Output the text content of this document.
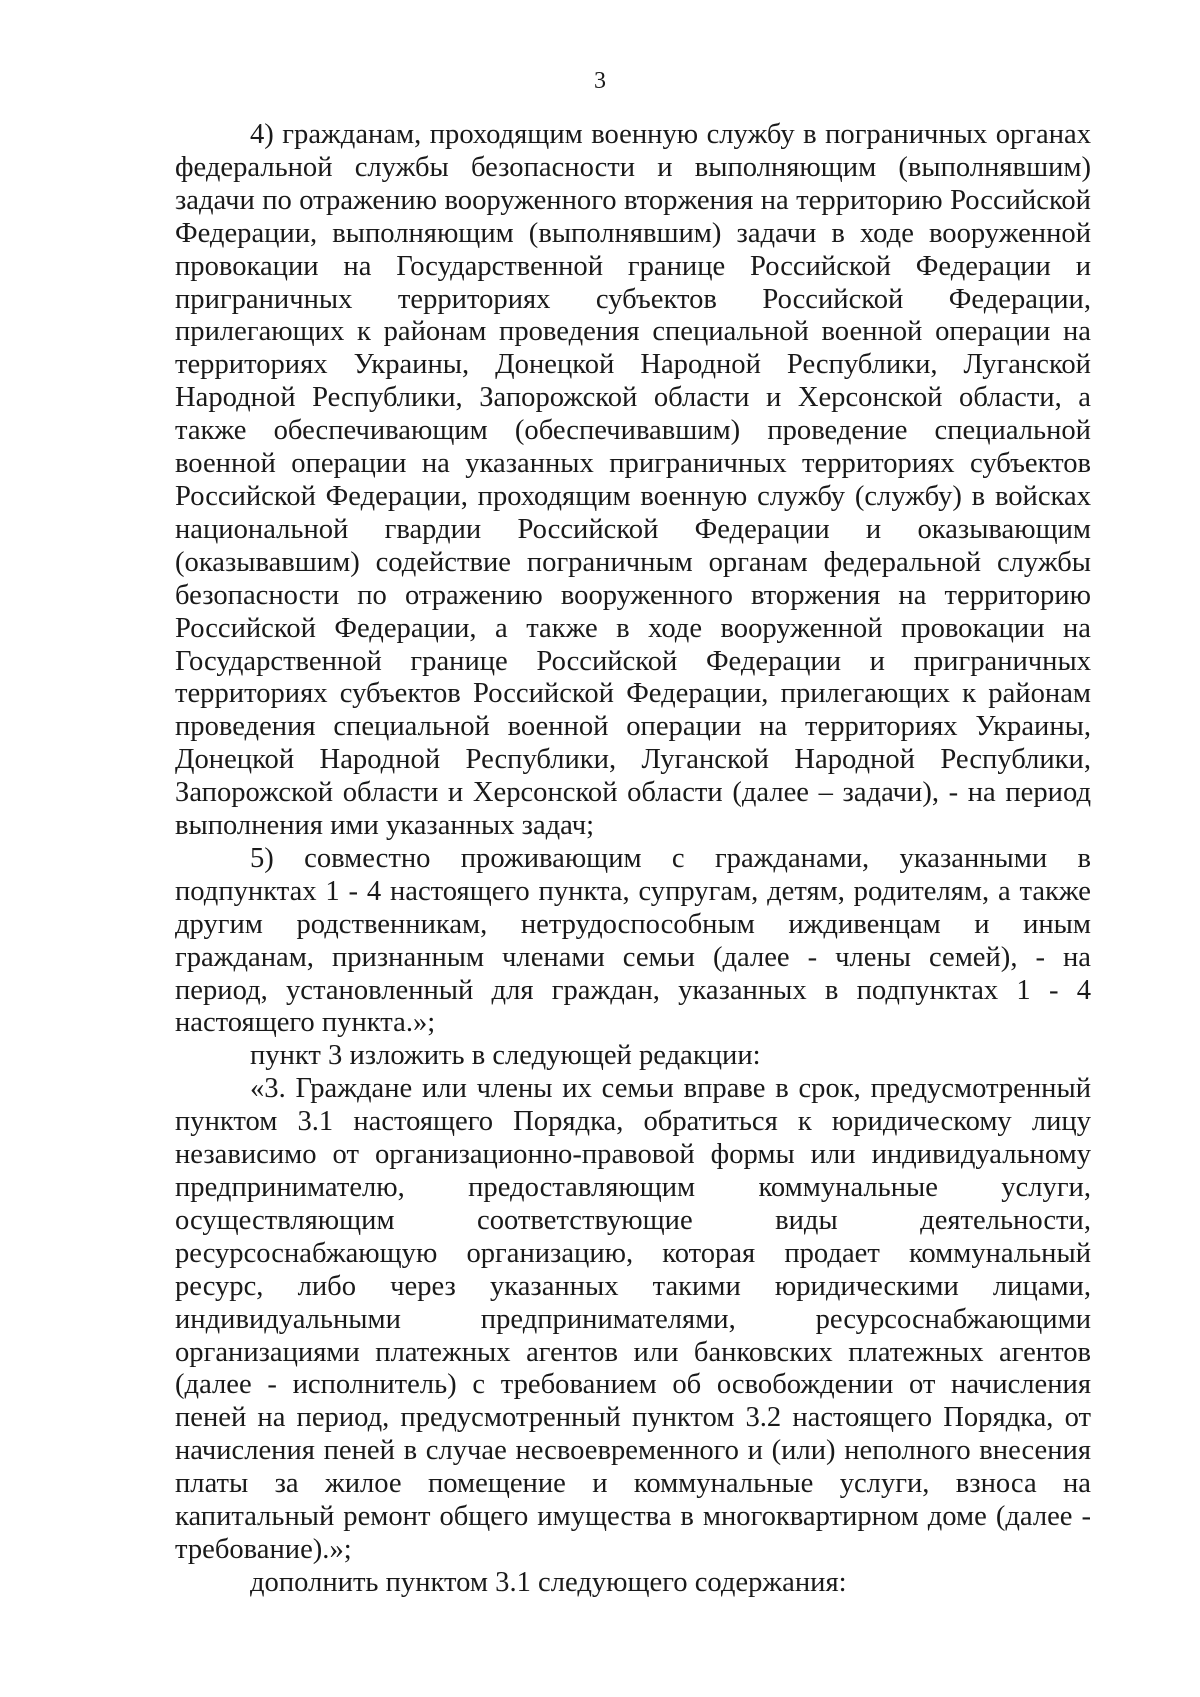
3

4) гражданам, проходящим военную службу в пограничных органах федеральной службы безопасности и выполняющим (выполнявшим) задачи по отражению вооруженного вторжения на территорию Российской Федерации, выполняющим (выполнявшим) задачи в ходе вооруженной провокации на Государственной границе Российской Федерации и приграничных территориях субъектов Российской Федерации, прилегающих к районам проведения специальной военной операции на территориях Украины, Донецкой Народной Республики, Луганской Народной Республики, Запорожской области и Херсонской области, а также обеспечивающим (обеспечивавшим) проведение специальной военной операции на указанных приграничных территориях субъектов Российской Федерации, проходящим военную службу (службу) в войсках национальной гвардии Российской Федерации и оказывающим (оказывавшим) содействие пограничным органам федеральной службы безопасности по отражению вооруженного вторжения на территорию Российской Федерации, а также в ходе вооруженной провокации на Государственной границе Российской Федерации и приграничных территориях субъектов Российской Федерации, прилегающих к районам проведения специальной военной операции на территориях Украины, Донецкой Народной Республики, Луганской Народной Республики, Запорожской области и Херсонской области (далее – задачи), - на период выполнения ими указанных задач;

5) совместно проживающим с гражданами, указанными в подпунктах 1 - 4 настоящего пункта, супругам, детям, родителям, а также другим родственникам, нетрудоспособным иждивенцам и иным гражданам, признанным членами семьи (далее - члены семей), - на период, установленный для граждан, указанных в подпунктах 1 - 4 настоящего пункта.»;

пункт 3 изложить в следующей редакции:

«3. Граждане или члены их семьи вправе в срок, предусмотренный пунктом 3.1 настоящего Порядка, обратиться к юридическому лицу независимо от организационно-правовой формы или индивидуальному предпринимателю, предоставляющим коммунальные услуги, осуществляющим соответствующие виды деятельности, ресурсоснабжающую организацию, которая продает коммунальный ресурс, либо через указанных такими юридическими лицами, индивидуальными предпринимателями, ресурсоснабжающими организациями платежных агентов или банковских платежных агентов (далее - исполнитель) с требованием об освобождении от начисления пеней на период, предусмотренный пунктом 3.2 настоящего Порядка, от начисления пеней в случае несвоевременного и (или) неполного внесения платы за жилое помещение и коммунальные услуги, взноса на капитальный ремонт общего имущества в многоквартирном доме (далее - требование).»;

дополнить пунктом 3.1 следующего содержания:
